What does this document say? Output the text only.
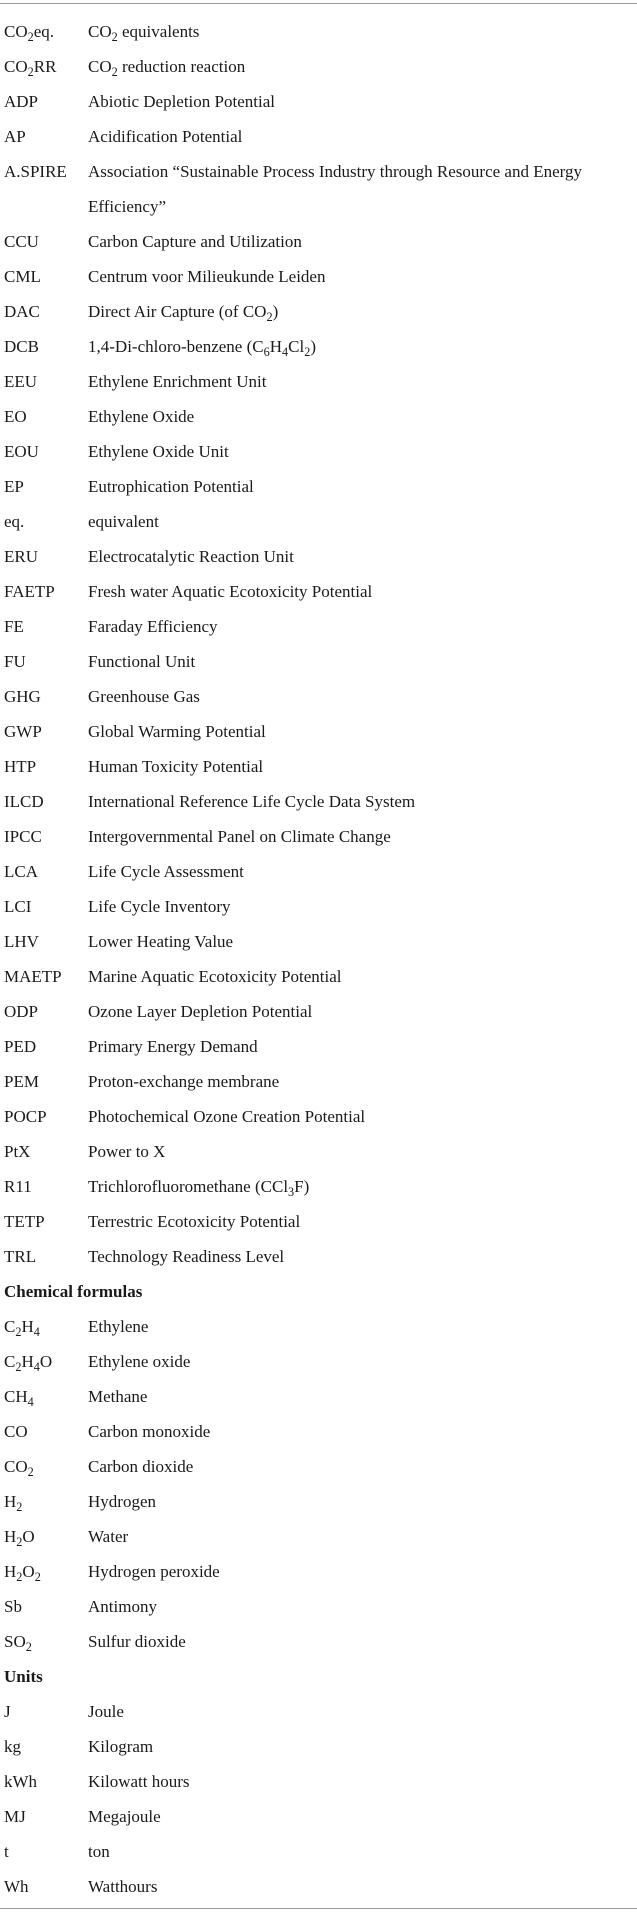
$CO_2eq$.	$CO_2$ equivalents
$CO_2RR$	$CO_2$ reduction reaction
ADP	Abiotic Depletion Potential
AP	Acidification Potential
A.SPIRE	Association “Sustainable Process Industry through Resource and Energy Efficiency”
CCU	Carbon Capture and Utilization
CML	Centrum voor Milieukunde Leiden
DAC	Direct Air Capture (of $CO_2$)
DCB	1,4-Di-chloro-benzene $(C_6H_4Cl_2)$
EEU	Ethylene Enrichment Unit
EO	Ethylene Oxide
EOU	Ethylene Oxide Unit
EP	Eutrophication Potential
eq.	equivalent
ERU	Electrocatalytic Reaction Unit
FAETP	Fresh water Aquatic Ecotoxicity Potential
FE	Faraday Efficiency
FU	Functional Unit
GHG	Greenhouse Gas
GWP	Global Warming Potential
HTP	Human Toxicity Potential
ILCD	International Reference Life Cycle Data System
IPCC	Intergovernmental Panel on Climate Change
LCA	Life Cycle Assessment
LCI	Life Cycle Inventory
LHV	Lower Heating Value
MAETP	Marine Aquatic Ecotoxicity Potential
ODP	Ozone Layer Depletion Potential
PED	Primary Energy Demand
PEM	Proton-exchange membrane
POCP	Photochemical Ozone Creation Potential
PtX	Power to X
R11	Trichlorofluoromethane (CCl$_3$F)
TETP	Terrestric Ecotoxicity Potential
TRL	Technology Readiness Level
Chemical formulas	
$C_2H_4$	Ethylene
$C_2H_4O$	Ethylene oxide
$CH_4$	Methane
CO	Carbon monoxide
$CO_2$	Carbon dioxide
$H_2$	Hydrogen
$H_2O$	Water
$H_2O_2$	Hydrogen peroxide
Sb	Antimony
$SO_2$	Sulfur dioxide
Units	
J	Joule
kg	Kilogram
kWh	Kilowatt hours
MJ	Megajoule
t	ton
Wh	Watthours
